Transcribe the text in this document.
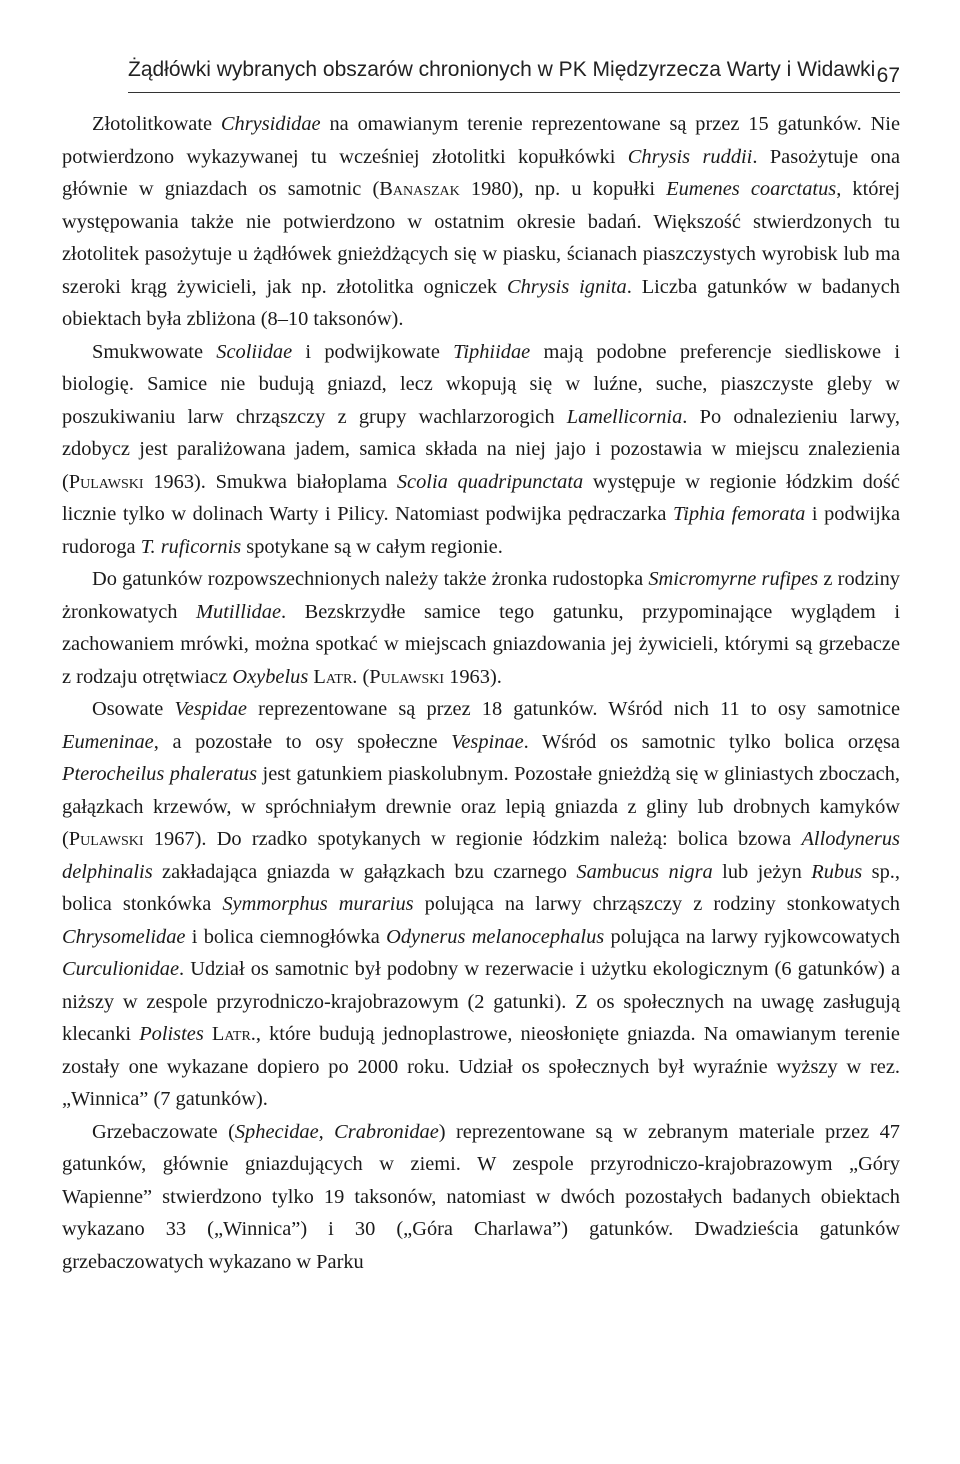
Żądłówki wybranych obszarów chronionych w PK Międzyrzecza Warty i Widawki 67

Złotolitkowate Chrysididae na omawianym terenie reprezentowane są przez 15 gatunków. Nie potwierdzono wykazywanej tu wcześniej złotolitki kopułkówki Chrysis ruddii. Pasożytuje ona głównie w gniazdach os samotnic (Banaszak 1980), np. u kopułki Eumenes coarctatus, której występowania także nie potwierdzono w ostatnim okresie badań. Większość stwierdzonych tu złotolitek pasożytuje u żądłówek gnieżdżących się w piasku, ścianach piaszczystych wyrobisk lub ma szeroki krąg żywicieli, jak np. złotolitka ogniczek Chrysis ignita. Liczba gatunków w badanych obiektach była zbliżona (8–10 taksonów).

Smukwowate Scoliidae i podwijkowate Tiphiidae mają podobne preferencje siedliskowe i biologię. Samice nie budują gniazd, lecz wkopują się w luźne, suche, piaszczyste gleby w poszukiwaniu larw chrząszczy z grupy wachlarzorogich Lamellicornia. Po odnalezieniu larwy, zdobycz jest paraliżowana jadem, samica składa na niej jajo i pozostawia w miejscu znalezienia (Pulawski 1963). Smukwa białoplama Scolia quadripunctata występuje w regionie łódzkim dość licznie tylko w dolinach Warty i Pilicy. Natomiast podwijka pędraczarka Tiphia femorata i podwijka rudoroga T. ruficornis spotykane są w całym regionie.

Do gatunków rozpowszechnionych należy także żronka rudostopka Smicromyrne rufipes z rodziny żronkowatych Mutillidae. Bezskrzydłe samice tego gatunku, przypominające wyglądem i zachowaniem mrówki, można spotkać w miejscach gniazdowania jej żywicieli, którymi są grzebacze z rodzaju otrętwiacz Oxybelus Latr. (Pulawski 1963).

Osowate Vespidae reprezentowane są przez 18 gatunków. Wśród nich 11 to osy samotnice Eumeninae, a pozostałe to osy społeczne Vespinae. Wśród os samotnic tylko bolica orzęsa Pterocheilus phaleratus jest gatunkiem piaskolubnym. Pozostałe gnieżdżą się w gliniastych zboczach, gałązkach krzewów, w spróchniałym drewnie oraz lepią gniazda z gliny lub drobnych kamyków (Pulawski 1967). Do rzadko spotykanych w regionie łódzkim należą: bolica bzowa Allodynerus delphinalis zakładająca gniazda w gałązkach bzu czarnego Sambucus nigra lub jeżyn Rubus sp., bolica stonkówka Symmorphus murarius polująca na larwy chrząszczy z rodziny stonkowatych Chrysomelidae i bolica ciemnogłówka Odynerus melanocephalus polująca na larwy ryjkowcowatych Curculionidae. Udział os samotnic był podobny w rezerwacie i użytku ekologicznym (6 gatunków) a niższy w zespole przyrodniczo-krajobrazowym (2 gatunki). Z os społecznych na uwagę zasługują klecanki Polistes Latr., które budują jednoplastrowe, nieosłonięte gniazda. Na omawianym terenie zostały one wykazane dopiero po 2000 roku. Udział os społecznych był wyraźnie wyższy w rez. „Winnica” (7 gatunków).

Grzebaczowate (Sphecidae, Crabronidae) reprezentowane są w zebranym materiale przez 47 gatunków, głównie gniazdujących w ziemi. W zespole przyrodniczo-krajobrazowym „Góry Wapienne” stwierdzono tylko 19 taksonów, natomiast w dwóch pozostałych badanych obiektach wykazano 33 („Winnica”) i 30 („Góra Charlawa”) gatunków. Dwadzieścia gatunków grzebaczowatych wykazano w Parku
